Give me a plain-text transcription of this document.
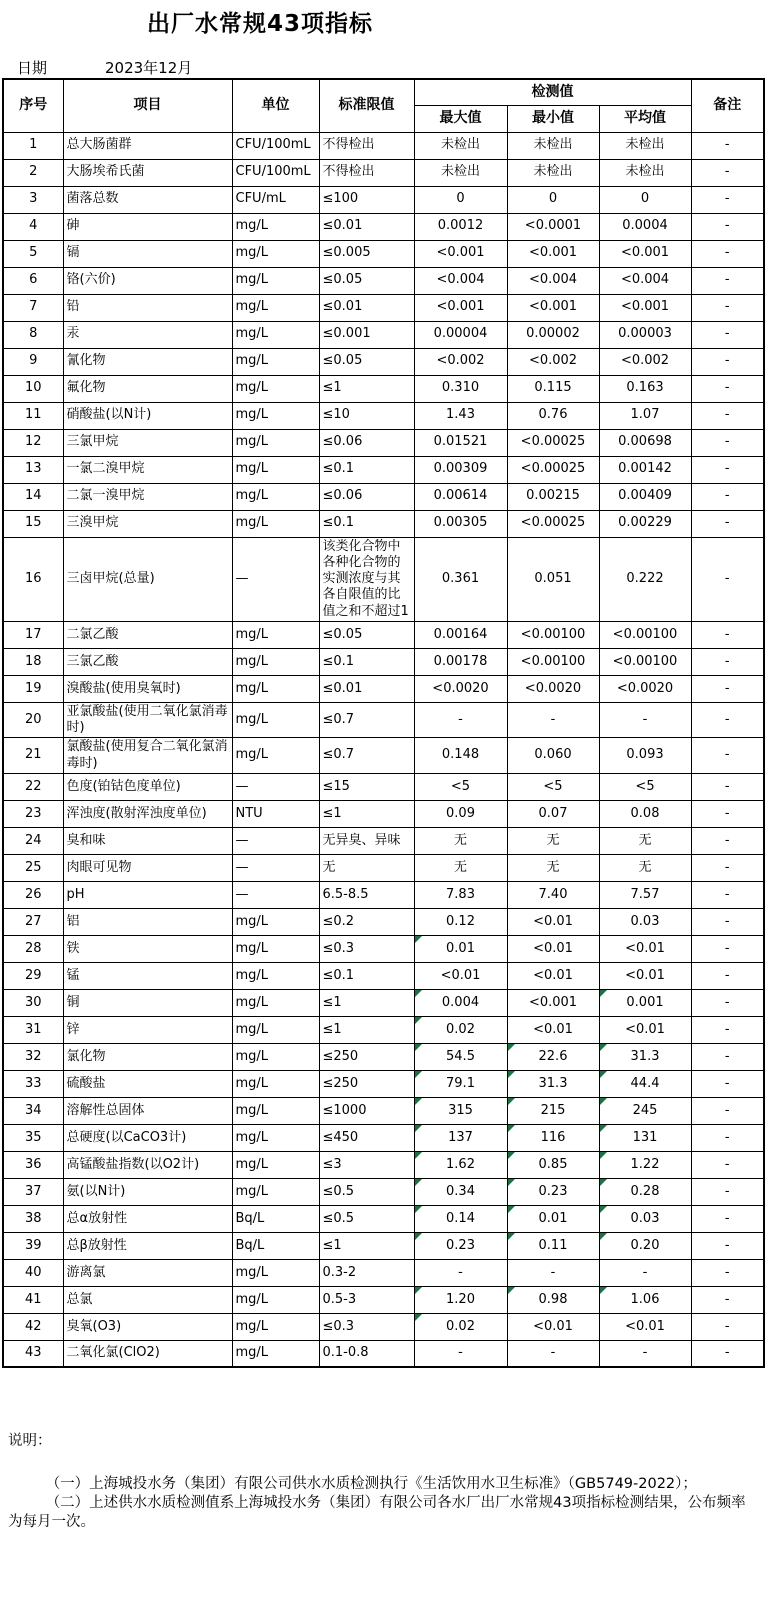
出厂水常规43项指标
日期	2023年12月
序号	项目	单位	标准限值	检测值			备注
				最大值	最小值	平均值	
1	总大肠菌群	CFU/100mL	不得检出	未检出	未检出	未检出	-
2	大肠埃希氏菌	CFU/100mL	不得检出	未检出	未检出	未检出	-
3	菌落总数	CFU/mL	≤100	0	0	0	-
4	砷	mg/L	≤0.01	0.0012	<0.0001	0.0004	-
5	镉	mg/L	≤0.005	<0.001	<0.001	<0.001	-
6	铬(六价)	mg/L	≤0.05	<0.004	<0.004	<0.004	-
7	铅	mg/L	≤0.01	<0.001	<0.001	<0.001	-
8	汞	mg/L	≤0.001	0.00004	0.00002	0.00003	-
9	氰化物	mg/L	≤0.05	<0.002	<0.002	<0.002	-
10	氟化物	mg/L	≤1	0.310	0.115	0.163	-
11	硝酸盐(以N计)	mg/L	≤10	1.43	0.76	1.07	-
12	三氯甲烷	mg/L	≤0.06	0.01521	<0.00025	0.00698	-
13	一氯二溴甲烷	mg/L	≤0.1	0.00309	<0.00025	0.00142	-
14	二氯一溴甲烷	mg/L	≤0.06	0.00614	0.00215	0.00409	-
15	三溴甲烷	mg/L	≤0.1	0.00305	<0.00025	0.00229	-
16	三卤甲烷(总量)	—	该类化合物中各种化合物的实测浓度与其各自限值的比值之和不超过1	0.361	0.051	0.222	-
17	二氯乙酸	mg/L	≤0.05	0.00164	<0.00100	<0.00100	-
18	三氯乙酸	mg/L	≤0.1	0.00178	<0.00100	<0.00100	-
19	溴酸盐(使用臭氧时)	mg/L	≤0.01	<0.0020	<0.0020	<0.0020	-
20	亚氯酸盐(使用二氧化氯消毒时)	mg/L	≤0.7	-	-	-	-
21	氯酸盐(使用复合二氧化氯消毒时)	mg/L	≤0.7	0.148	0.060	0.093	-
22	色度(铂钴色度单位)	—	≤15	<5	<5	<5	-
23	浑浊度(散射浑浊度单位)	NTU	≤1	0.09	0.07	0.08	-
24	臭和味	—	无异臭、异味	无	无	无	-
25	肉眼可见物	—	无	无	无	无	-
26	pH	—	6.5-8.5	7.83	7.40	7.57	-
27	铝	mg/L	≤0.2	0.12	<0.01	0.03	-
28	铁	mg/L	≤0.3	0.01	<0.01	<0.01	-
29	锰	mg/L	≤0.1	<0.01	<0.01	<0.01	-
30	铜	mg/L	≤1	0.004	<0.001	0.001	-
31	锌	mg/L	≤1	0.02	<0.01	<0.01	-
32	氯化物	mg/L	≤250	54.5	22.6	31.3	-
33	硫酸盐	mg/L	≤250	79.1	31.3	44.4	-
34	溶解性总固体	mg/L	≤1000	315	215	245	-
35	总硬度(以CaCO3计)	mg/L	≤450	137	116	131	-
36	高锰酸盐指数(以O2计)	mg/L	≤3	1.62	0.85	1.22	-
37	氨(以N计)	mg/L	≤0.5	0.34	0.23	0.28	-
38	总α放射性	Bq/L	≤0.5	0.14	0.01	0.03	-
39	总β放射性	Bq/L	≤1	0.23	0.11	0.20	-
40	游离氯	mg/L	0.3-2	-	-	-	-
41	总氯	mg/L	0.5-3	1.20	0.98	1.06	-
42	臭氧(O3)	mg/L	≤0.3	0.02	<0.01	<0.01	-
43	二氧化氯(ClO2)	mg/L	0.1-0.8	-	-	-	-
说明：

（一）上海城投水务（集团）有限公司供水水质检测执行《生活饮用水卫生标准》（GB5749-2022）；

（二）上述供水水质检测值系上海城投水务（集团）有限公司各水厂出厂水常规43项指标检测结果，公布频率为每月一次。
